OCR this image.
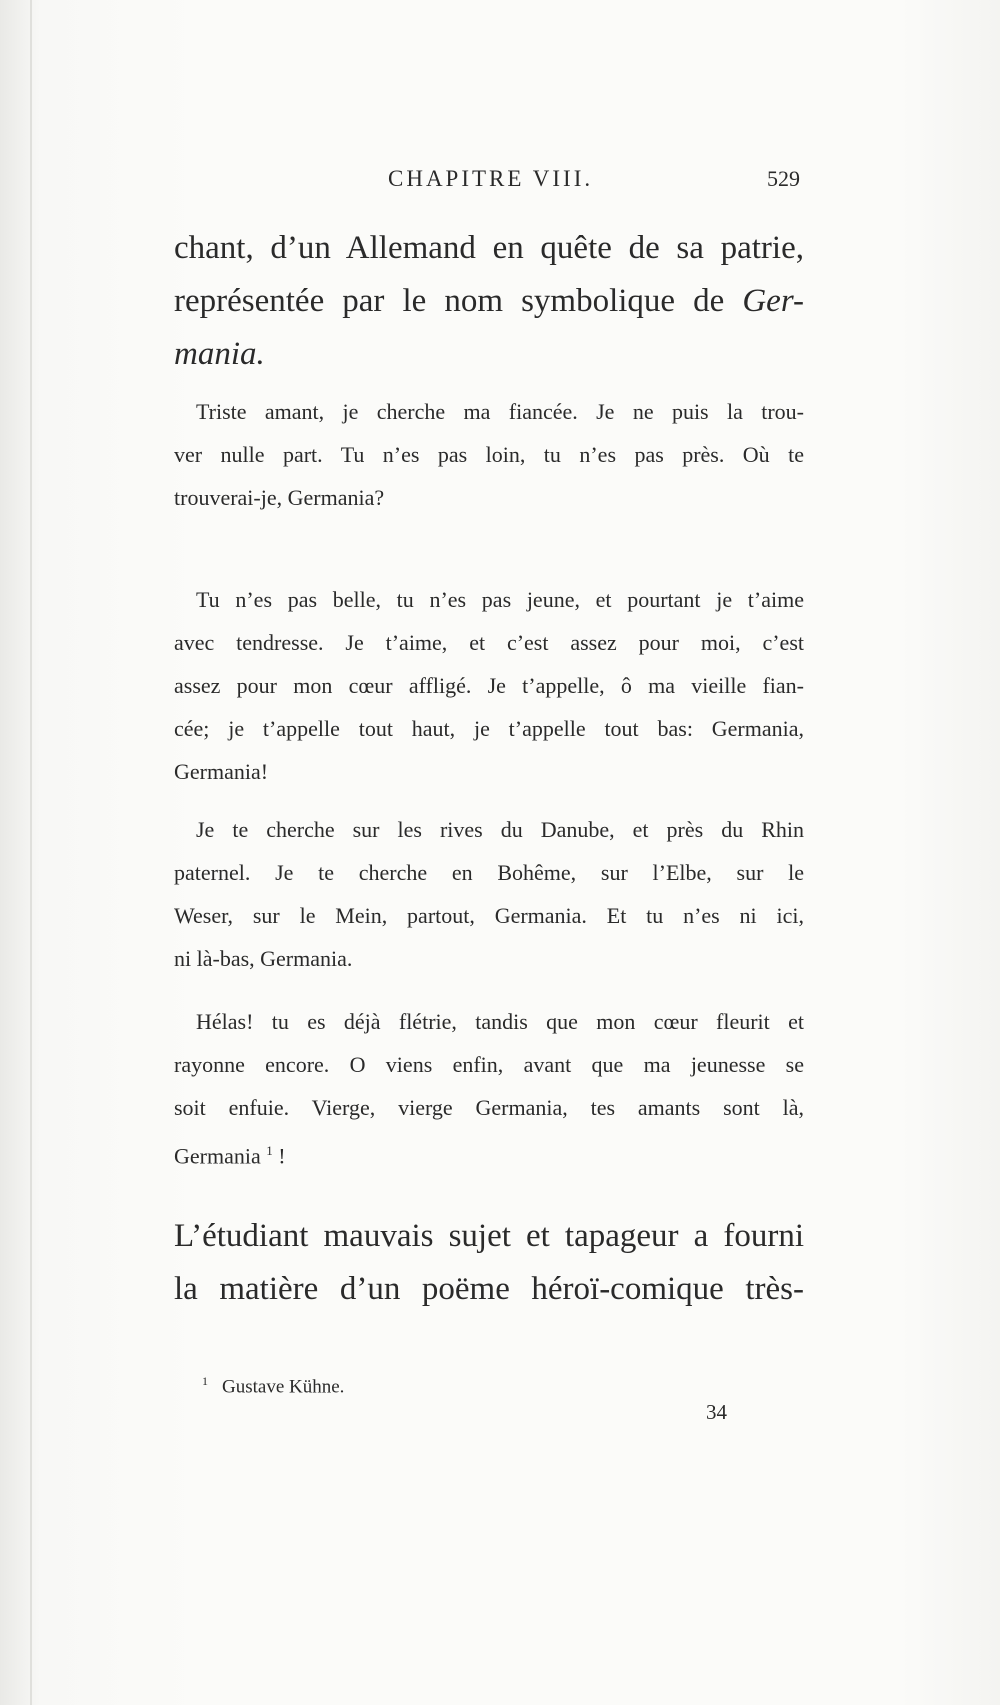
CHAPITRE VIII.	529
chant, d’un Allemand en quête de sa patrie,
représentée par le nom symbolique de Ger-
mania.
Triste amant, je cherche ma fiancée. Je ne puis la trou-
ver nulle part. Tu n’es pas loin, tu n’es pas près. Où te
trouverai-je, Germania?
Tu n’es pas belle, tu n’es pas jeune, et pourtant je t’aime
avec tendresse. Je t’aime, et c’est assez pour moi, c’est
assez pour mon cœur affligé. Je t’appelle, ô ma vieille fian-
cée; je t’appelle tout haut, je t’appelle tout bas: Germania,
Germania!
Je te cherche sur les rives du Danube, et près du Rhin
paternel. Je te cherche en Bohême, sur l’Elbe, sur le
Weser, sur le Mein, partout, Germania. Et tu n’es ni ici,
ni là-bas, Germania.
Hélas! tu es déjà flétrie, tandis que mon cœur fleurit et
rayonne encore. O viens enfin, avant que ma jeunesse se
soit enfuie. Vierge, vierge Germania, tes amants sont là,
Germania $^1$ !
L’étudiant mauvais sujet et tapageur a fourni
la matière d’un poëme héroï-comique très-
$^1$ Gustave Kühne.
34
